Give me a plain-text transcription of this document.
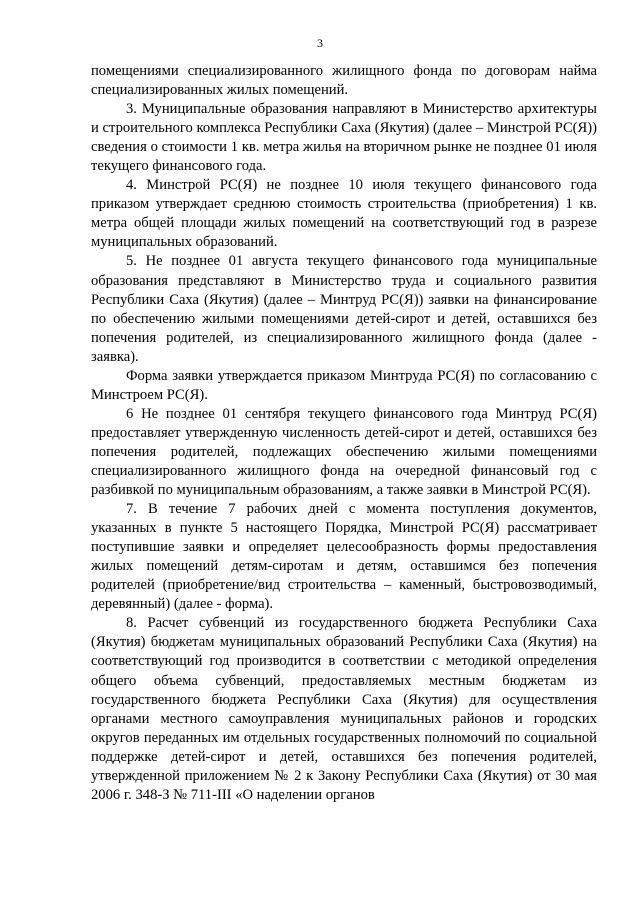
3

помещениями специализированного жилищного фонда по договорам найма специализированных жилых помещений.

3. Муниципальные образования направляют в Министерство архитектуры и строительного комплекса Республики Саха (Якутия) (далее – Минстрой РС(Я)) сведения о стоимости 1 кв. метра жилья на вторичном рынке не позднее 01 июля текущего финансового года.

4. Минстрой РС(Я) не позднее 10 июля текущего финансового года приказом утверждает среднюю стоимость строительства (приобретения) 1 кв. метра общей площади жилых помещений на соответствующий год в разрезе муниципальных образований.

5. Не позднее 01 августа текущего финансового года муниципальные образования представляют в Министерство труда и социального развития Республики Саха (Якутия) (далее – Минтруд РС(Я)) заявки на финансирование по обеспечению жилыми помещениями детей-сирот и детей, оставшихся без попечения родителей, из специализированного жилищного фонда (далее - заявка).

Форма заявки утверждается приказом Минтруда РС(Я) по согласованию с Минстроем РС(Я).

6 Не позднее 01 сентября текущего финансового года Минтруд РС(Я) предоставляет утвержденную численность детей-сирот и детей, оставшихся без попечения родителей, подлежащих обеспечению жилыми помещениями специализированного жилищного фонда на очередной финансовый год с разбивкой по муниципальным образованиям, а также заявки в Минстрой РС(Я).

7. В течение 7 рабочих дней с момента поступления документов, указанных в пункте 5 настоящего Порядка, Минстрой РС(Я) рассматривает поступившие заявки и определяет целесообразность формы предоставления жилых помещений детям-сиротам и детям, оставшимся без попечения родителей (приобретение/вид строительства – каменный, быстровозводимый, деревянный) (далее - форма).

8. Расчет субвенций из государственного бюджета Республики Саха (Якутия) бюджетам муниципальных образований Республики Саха (Якутия) на соответствующий год производится в соответствии с методикой определения общего объема субвенций, предоставляемых местным бюджетам из государственного бюджета Республики Саха (Якутия) для осуществления органами местного самоуправления муниципальных районов и городских округов переданных им отдельных государственных полномочий по социальной поддержке детей-сирот и детей, оставшихся без попечения родителей, утвержденной приложением № 2 к Закону Республики Саха (Якутия) от 30 мая 2006 г. 348-З № 711-III «О наделении органов
